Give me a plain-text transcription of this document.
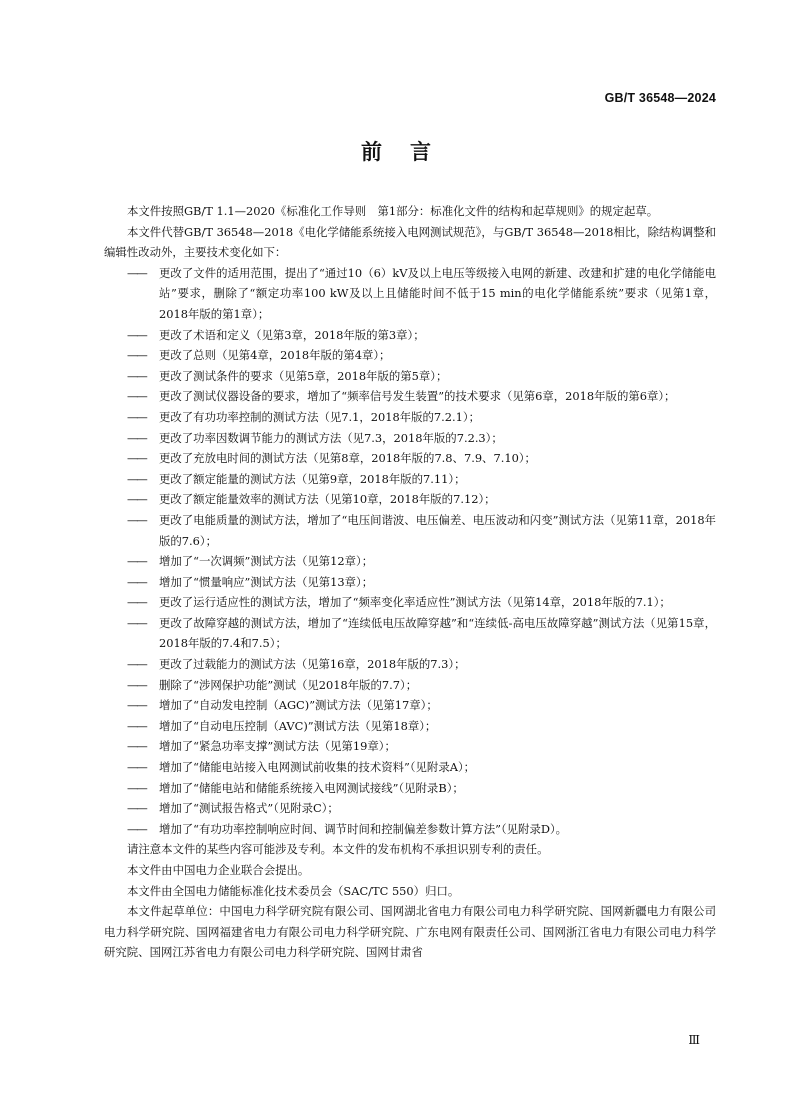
GB/T 36548—2024
前言

本文件按照GB/T 1.1—2020《标准化工作导则　第1部分：标准化文件的结构和起草规则》的规定起草。

本文件代替GB/T 36548—2018《电化学储能系统接入电网测试规范》，与GB/T 36548—2018相比，除结构调整和编辑性改动外，主要技术变化如下：

——	更改了文件的适用范围，提出了“通过10（6）kV及以上电压等级接入电网的新建、改建和扩建的电化学储能电站”要求，删除了“额定功率100 kW及以上且储能时间不低于15 min的电化学储能系统”要求（见第1章，2018年版的第1章）；
——	更改了术语和定义（见第3章，2018年版的第3章）；
——	更改了总则（见第4章，2018年版的第4章）；
——	更改了测试条件的要求（见第5章，2018年版的第5章）；
——	更改了测试仪器设备的要求，增加了“频率信号发生装置”的技术要求（见第6章，2018年版的第6章）；
——	更改了有功功率控制的测试方法（见7.1，2018年版的7.2.1）；
——	更改了功率因数调节能力的测试方法（见7.3，2018年版的7.2.3）；
——	更改了充放电时间的测试方法（见第8章，2018年版的7.8、7.9、7.10）；
——	更改了额定能量的测试方法（见第9章，2018年版的7.11）；
——	更改了额定能量效率的测试方法（见第10章，2018年版的7.12）；
——	更改了电能质量的测试方法，增加了“电压间谐波、电压偏差、电压波动和闪变”测试方法（见第11章，2018年版的7.6）；
——	增加了“一次调频”测试方法（见第12章）；
——	增加了“惯量响应”测试方法（见第13章）；
——	更改了运行适应性的测试方法，增加了“频率变化率适应性”测试方法（见第14章，2018年版的7.1）；
——	更改了故障穿越的测试方法，增加了“连续低电压故障穿越”和“连续低-高电压故障穿越”测试方法（见第15章，2018年版的7.4和7.5）；
——	更改了过载能力的测试方法（见第16章，2018年版的7.3）；
——	删除了“涉网保护功能”测试（见2018年版的7.7）；
——	增加了“自动发电控制（AGC)”测试方法（见第17章）；
——	增加了“自动电压控制（AVC)”测试方法（见第18章）；
——	增加了“紧急功率支撑”测试方法（见第19章）；
——	增加了“储能电站接入电网测试前收集的技术资料”（见附录A）；
——	增加了“储能电站和储能系统接入电网测试接线”（见附录B）；
——	增加了“测试报告格式”（见附录C）；
——	增加了“有功功率控制响应时间、调节时间和控制偏差参数计算方法”（见附录D）。

请注意本文件的某些内容可能涉及专利。本文件的发布机构不承担识别专利的责任。

本文件由中国电力企业联合会提出。

本文件由全国电力储能标准化技术委员会（SAC/TC 550）归口。

本文件起草单位：中国电力科学研究院有限公司、国网湖北省电力有限公司电力科学研究院、国网新疆电力有限公司电力科学研究院、国网福建省电力有限公司电力科学研究院、广东电网有限责任公司、国网浙江省电力有限公司电力科学研究院、国网江苏省电力有限公司电力科学研究院、国网甘肃省

Ⅲ
